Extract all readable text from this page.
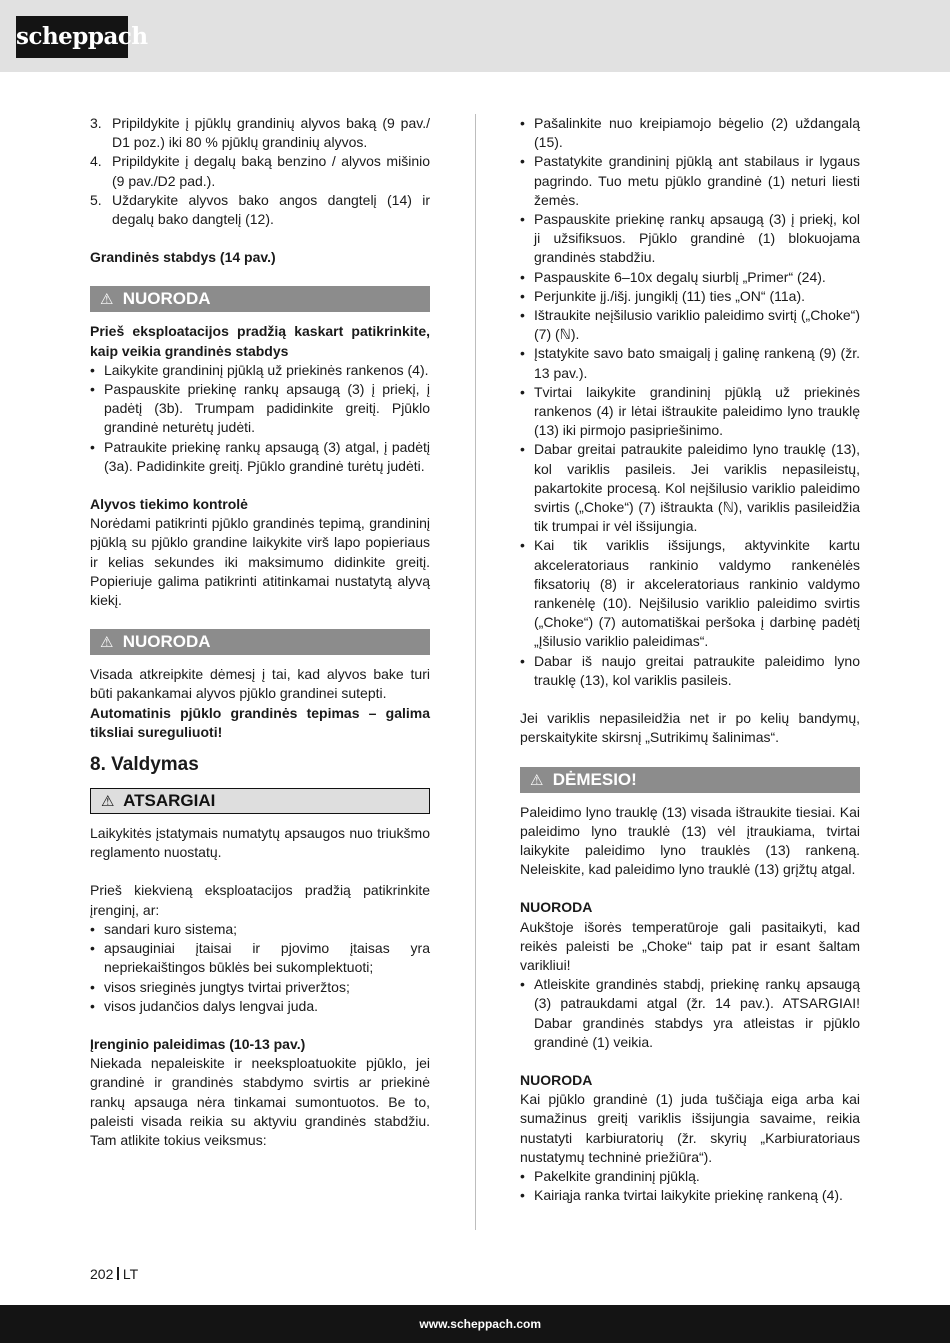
scheppach
3. Pripildykite į pjūklų grandinių alyvos baką (9 pav./ D1 poz.) iki 80 % pjūklų grandinių alyvos.
4. Pripildykite į degalų baką benzino / alyvos mišinio (9 pav./D2 pad.).
5. Uždarykite alyvos bako angos dangtelį (14) ir degalų bako dangtelį (12).

Grandinės stabdys (14 pav.)

⚠ NUORODA

Prieš eksploatacijos pradžią kaskart patikrinkite, kaip veikia grandinės stabdys

• Laikykite grandininį pjūklą už priekinės rankenos (4).
• Paspauskite priekinę rankų apsaugą (3) į priekį, į padėtį (3b). Trumpam padidinkite greitį. Pjūklo grandinė neturėtų judėti.
• Patraukite priekinę rankų apsaugą (3) atgal, į padėtį (3a). Padidinkite greitį. Pjūklo grandinė turėtų judėti.

Alyvos tiekimo kontrolė

Norėdami patikrinti pjūklo grandinės tepimą, grandininį pjūklą su pjūklo grandine laikykite virš lapo popieriaus ir kelias sekundes iki maksimumo didinkite greitį. Popieriuje galima patikrinti atitinkamai nustatytą alyvą kiekį.

⚠ NUORODA

Visada atkreipkite dėmesį į tai, kad alyvos bake turi būti pakankamai alyvos pjūklo grandinei sutepti.

Automatinis pjūklo grandinės tepimas – galima tiksliai sureguliuoti!

8. Valdymas
⚠ ATSARGIAI

Laikykitės įstatymais numatytų apsaugos nuo triukšmo reglamento nuostatų.

Prieš kiekvieną eksploatacijos pradžią patikrinkite įrenginį, ar:

• sandari kuro sistema;
• apsauginiai įtaisai ir pjovimo įtaisas yra nepriekaištingos būklės bei sukomplektuoti;
• visos srieginės jungtys tvirtai priveržtos;
• visos judančios dalys lengvai juda.

Įrenginio paleidimas (10-13 pav.)

Niekada nepaleiskite ir neeksploatuokite pjūklo, jei grandinė ir grandinės stabdymo svirtis ar priekinė rankų apsauga nėra tinkamai sumontuotos. Be to, paleisti visada reikia su aktyviu grandinės stabdžiu. Tam atlikite tokius veiksmus:

• Pašalinkite nuo kreipiamojo bėgelio (2) uždangalą (15).
• Pastatykite grandininį pjūklą ant stabilaus ir lygaus pagrindo. Tuo metu pjūklo grandinė (1) neturi liesti žemės.
• Paspauskite priekinę rankų apsaugą (3) į priekį, kol ji užsifiksuos. Pjūklo grandinė (1) blokuojama grandinės stabdžiu.
• Paspauskite 6–10x degalų siurblį „Primer“ (24).
• Perjunkite įj./išj. jungiklį (11) ties „ON“ (11a).
• Ištraukite neįšilusio variklio paleidimo svirtį („Choke“) (7) (ℕ).
• Įstatykite savo bato smaigalį į galinę rankeną (9) (žr. 13 pav.).
• Tvirtai laikykite grandininį pjūklą už priekinės rankenos (4) ir lėtai ištraukite paleidimo lyno trauklę (13) iki pirmojo pasipriešinimo.
• Dabar greitai patraukite paleidimo lyno trauklę (13), kol variklis pasileis. Jei variklis nepasileistų, pakartokite procesą. Kol neįšilusio variklio paleidimo svirtis („Choke“) (7) ištraukta (ℕ), variklis pasileidžia tik trumpai ir vėl išsijungia.
• Kai tik variklis išsijungs, aktyvinkite kartu akceleratoriaus rankinio valdymo rankenėlės fiksatorių (8) ir akceleratoriaus rankinio valdymo rankenėlę (10). Neįšilusio variklio paleidimo svirtis („Choke“) (7) automatiškai peršoka į darbinę padėtį „Įšilusio variklio paleidimas“.
• Dabar iš naujo greitai patraukite paleidimo lyno trauklę (13), kol variklis pasileis.

Jei variklis nepasileidžia net ir po kelių bandymų, perskaitykite skirsnį „Sutrikimų šalinimas“.

⚠ DĖMESIO!

Paleidimo lyno trauklę (13) visada ištraukite tiesiai. Kai paleidimo lyno trauklė (13) vėl įtraukiama, tvirtai laikykite paleidimo lyno trauklės (13) rankeną. Neleiskite, kad paleidimo lyno trauklė (13) grįžtų atgal.

NUORODA

Aukštoje išorės temperatūroje gali pasitaikyti, kad reikės paleisti be „Choke“ taip pat ir esant šaltam varikliui!

• Atleiskite grandinės stabdį, priekinę rankų apsaugą (3) patraukdami atgal (žr. 14 pav.). ATSARGIAI! Dabar grandinės stabdys yra atleistas ir pjūklo grandinė (1) veikia.

NUORODA

Kai pjūklo grandinė (1) juda tuščiąja eiga arba kai sumažinus greitį variklis išsijungia savaime, reikia nustatyti karbiuratorių (žr. skyrių „Karbiuratoriaus nustatymų techninė priežiūra“).

• Pakelkite grandininį pjūklą.
• Kairiąja ranka tvirtai laikykite priekinę rankeną (4).
202 LT
www.scheppach.com
